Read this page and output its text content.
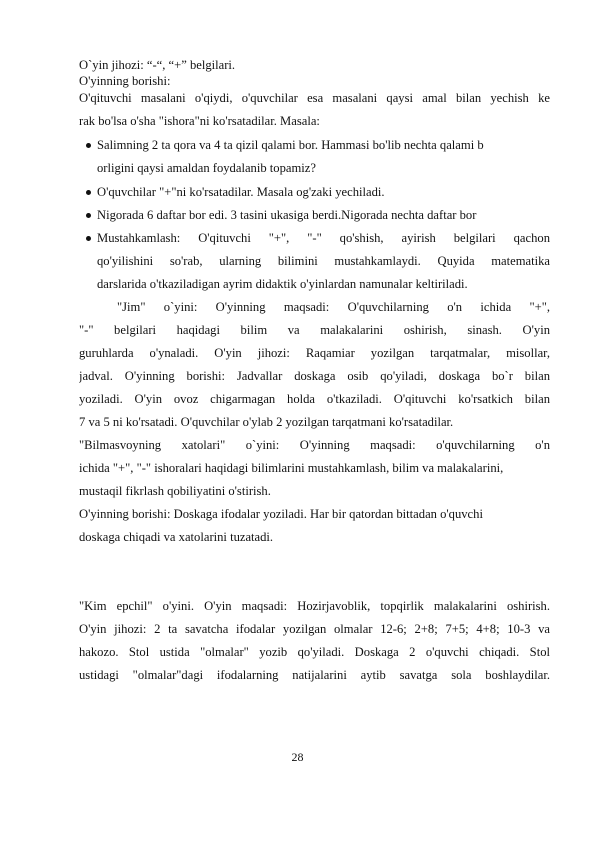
O`yin jihozi: “-“, “+” belgilari.
O'yinning borishi:
O'qituvchi masalani o'qiydi, o'quvchilar esa masalani qaysi amal bilan yechish ke
rak bo'lsa o'sha "ishora"ni ko'rsatadilar. Masala:
Salimning 2 ta qora va 4 ta qizil qalami bor. Hammasi bo'lib nechta qalami b
orligini qaysi amaldan foydalanib topamiz?
O'quvchilar "+"ni ko'rsatadilar. Masala og'zaki yechiladi.
Nigorada 6 daftar bor edi. 3 tasini ukasiga berdi.Nigorada nechta daftar bor
Mustahkamlash: O'qituvchi "+", "-" qo'shish, ayirish belgilari qachon
qo'yilishini so'rab, ularning bilimini mustahkamlaydi. Quyida matematika
darslarida o'tkaziladigan ayrim didaktik o'yinlardan namunalar keltiriladi.
"Jim" o`yini: O'yinning maqsadi: O'quvchilarning o'n ichida "+",
"-" belgilari haqidagi bilim va malakalarini oshirish, sinash. O'yin
guruhlarda o'ynaladi. O'yin jihozi: Raqamiar yozilgan tarqatmalar, misollar,
jadval. O'yinning borishi: Jadvallar doskaga osib qo'yiladi, doskaga bo`r bilan
yoziladi. O'yin ovoz chigarmagan holda o'tkaziladi. O'qituvchi ko'rsatkich bilan
7 va 5 ni ko'rsatadi. O'quvchilar o'ylab 2 yozilgan tarqatmani ko'rsatadilar.
"Bilmasvoyning xatolari" o`yini: O'yinning maqsadi: o'quvchilarning o'n
ichida "+", "-" ishoralari haqidagi bilimlarini mustahkamlash, bilim va malakalarini,
mustaqil fikrlash qobiliyatini o'stirish.
O'yinning borishi: Doskaga ifodalar yoziladi. Har bir qatordan bittadan o'quvchi
doskaga chiqadi va xatolarini tuzatadi.
"Kim epchil" o'yini. O'yin maqsadi: Hozirjavoblik, topqirlik malakalarini oshirish.
O'yin jihozi: 2 ta savatcha ifodalar yozilgan olmalar 12-6; 2+8; 7+5; 4+8; 10-3 va
hakozo. Stol ustida "olmalar" yozib qo'yiladi. Doskaga 2 o'quvchi chiqadi. Stol
ustidagi "olmalar"dagi ifodalarning natijalarini aytib savatga sola boshlaydilar.
28
